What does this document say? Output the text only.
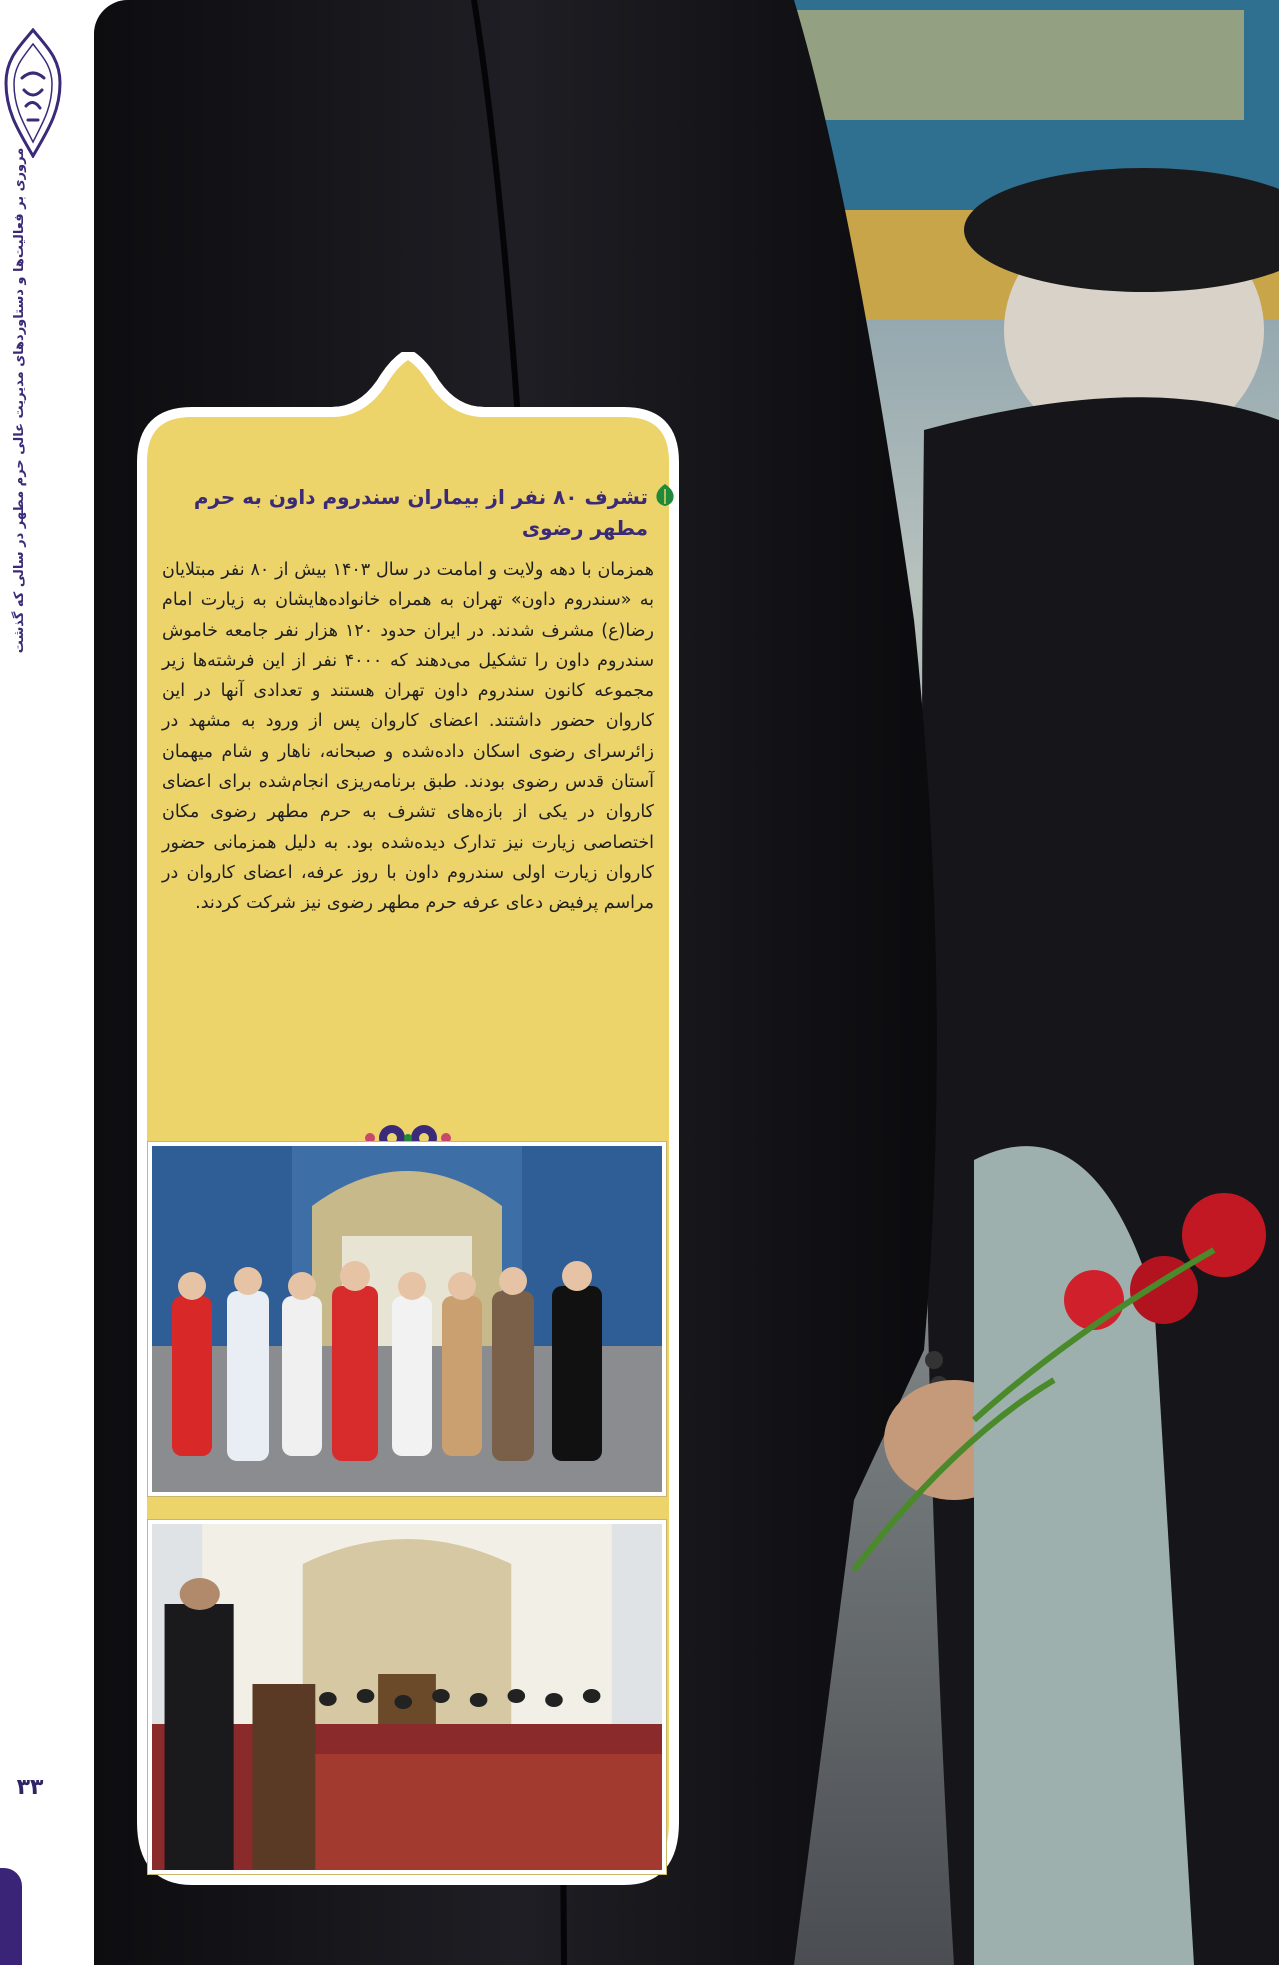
مروری بر فعالیت‌ها و دستاوردهای مدیریت عالی حرم مطهر در سالی که گذشت
۳۳
تشرف ۸۰ نفر از بیماران سندروم داون به حرم مطهر رضوی
همزمان با دهه ولایت و امامت در سال ۱۴۰۳ بیش از ۸۰ نفر مبتلایان به «سندروم داون» تهران به همراه خانواده‌هایشان به زیارت امام رضا(ع) مشرف شدند. در ایران حدود ۱۲۰ هزار نفر جامعه خاموش سندروم داون را تشکیل می‌دهند که ۴۰۰۰ نفر از این فرشته‌ها زیر مجموعه کانون سندروم داون تهران هستند و تعدادی آنها در این کاروان حضور داشتند. اعضای کاروان پس از ورود به مشهد در زائرسرای رضوی اسکان داده‌شده و صبحانه، ناهار و شام میهمان آستان قدس رضوی بودند. طبق برنامه‌ریزی انجام‌شده برای اعضای کاروان در یکی از بازه‌های تشرف به حرم مطهر رضوی مکان اختصاصی زیارت نیز تدارک دیده‌شده بود. به دلیل همزمانی حضور کاروان زیارت اولی سندروم داون با روز عرفه، اعضای کاروان در مراسم پرفیض دعای عرفه حرم مطهر رضوی نیز شرکت کردند.
